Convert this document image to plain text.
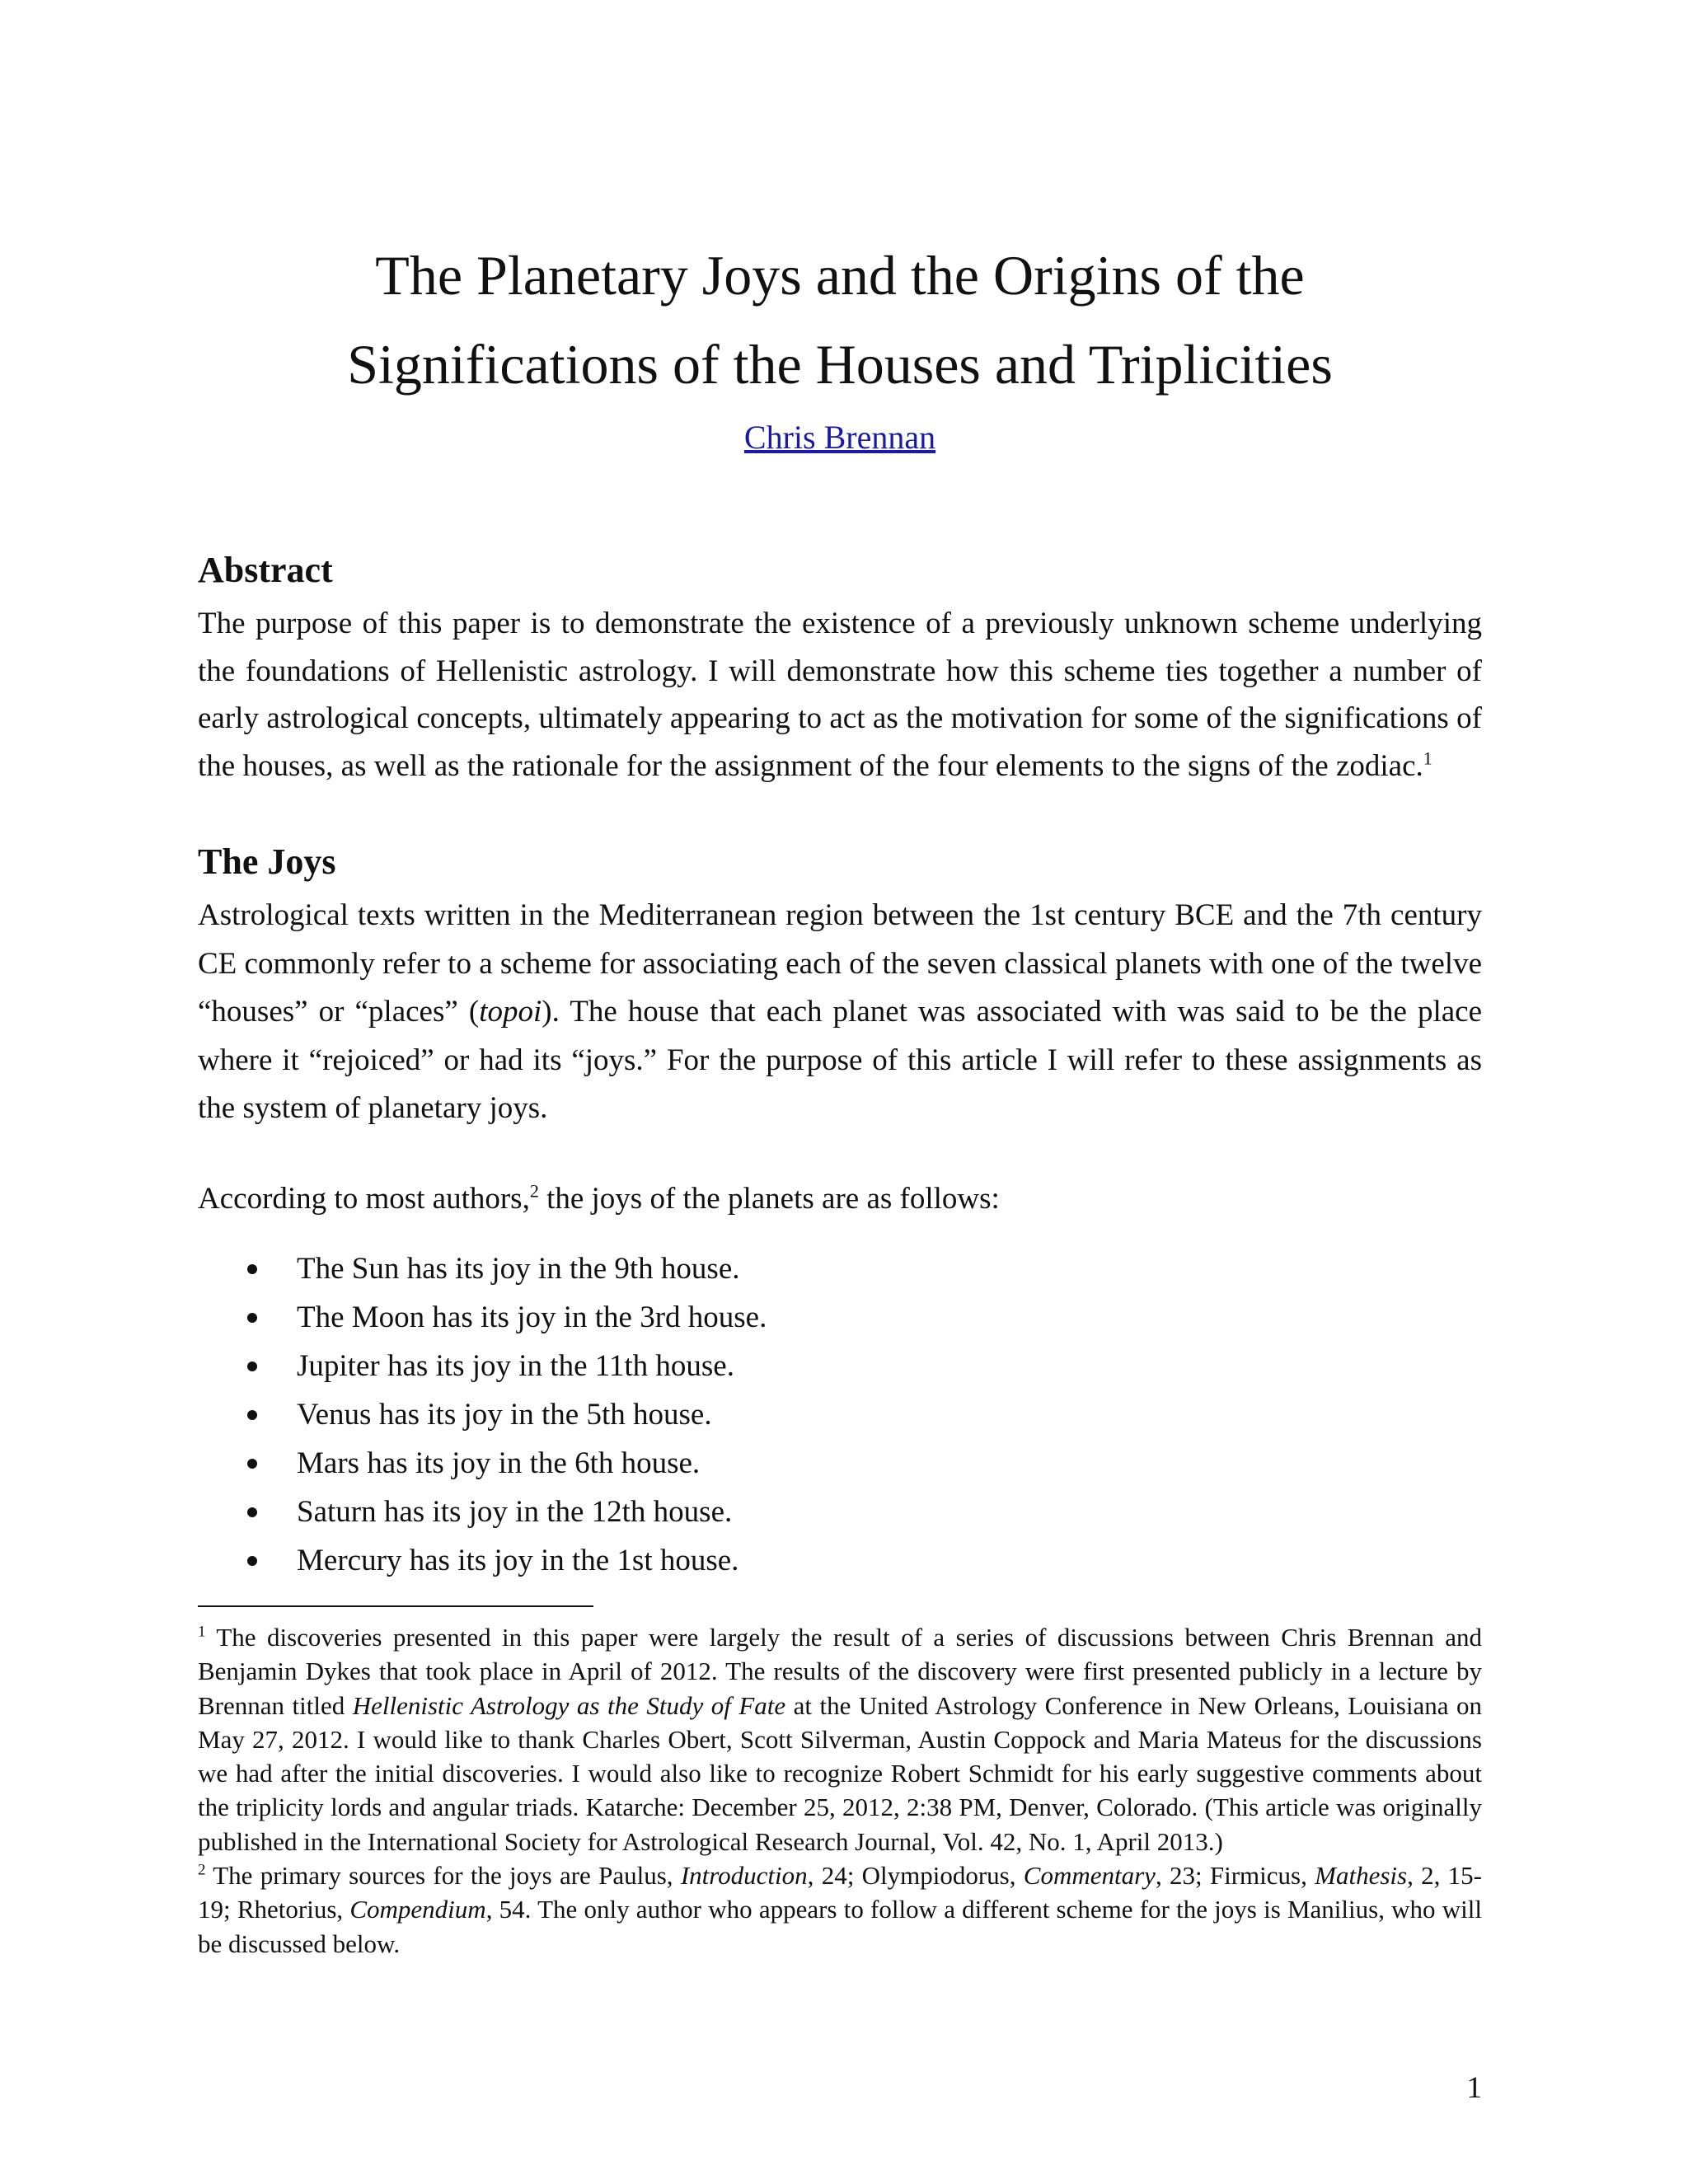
The Planetary Joys and the Origins of the
Significations of the Houses and Triplicities
Chris Brennan
Abstract

The purpose of this paper is to demonstrate the existence of a previously unknown scheme underlying the foundations of Hellenistic astrology. I will demonstrate how this scheme ties together a number of early astrological concepts, ultimately appearing to act as the motivation for some of the significations of the houses, as well as the rationale for the assignment of the four elements to the signs of the zodiac.$^1$

The Joys

Astrological texts written in the Mediterranean region between the 1st century BCE and the 7th century CE commonly refer to a scheme for associating each of the seven classical planets with one of the twelve “houses” or “places” (topoi). The house that each planet was associated with was said to be the place where it “rejoiced” or had its “joys.” For the purpose of this article I will refer to these assignments as the system of planetary joys.

According to most authors,$^2$ the joys of the planets are as follows:

The Sun has its joy in the 9th house.
The Moon has its joy in the 3rd house.
Jupiter has its joy in the 11th house.
Venus has its joy in the 5th house.
Mars has its joy in the 6th house.
Saturn has its joy in the 12th house.
Mercury has its joy in the 1st house.

$^1$ The discoveries presented in this paper were largely the result of a series of discussions between Chris Brennan and Benjamin Dykes that took place in April of 2012. The results of the discovery were first presented publicly in a lecture by Brennan titled Hellenistic Astrology as the Study of Fate at the United Astrology Conference in New Orleans, Louisiana on May 27, 2012. I would like to thank Charles Obert, Scott Silverman, Austin Coppock and Maria Mateus for the discussions we had after the initial discoveries. I would also like to recognize Robert Schmidt for his early suggestive comments about the triplicity lords and angular triads. Katarche: December 25, 2012, 2:38 PM, Denver, Colorado. (This article was originally published in the International Society for Astrological Research Journal, Vol. 42, No. 1, April 2013.)

$^2$ The primary sources for the joys are Paulus, Introduction, 24; Olympiodorus, Commentary, 23; Firmicus, Mathesis, 2, 15-19; Rhetorius, Compendium, 54. The only author who appears to follow a different scheme for the joys is Manilius, who will be discussed below.

1
